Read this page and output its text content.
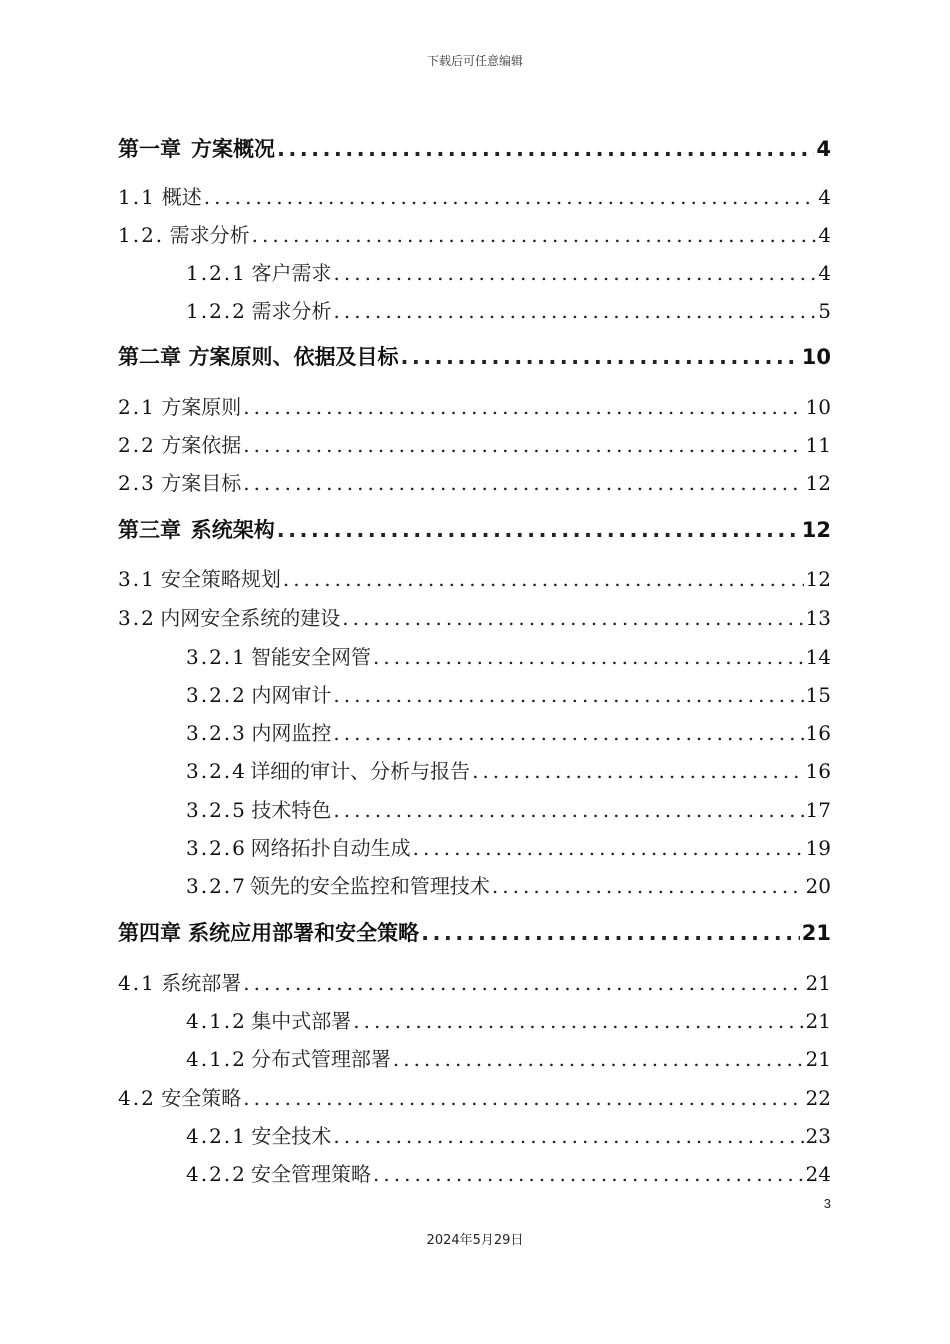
下载后可任意编辑
第一章 方案概况 .....	4
1.1 概述 .....	4
1.2. 需求分析 .....	4
1.2.1 客户需求 .....	4
1.2.2 需求分析 .....	5
第二章 方案原则、依据及目标 .....	10
2.1 方案原则 .....	10
2.2 方案依据 .....	11
2.3 方案目标 .....	12
第三章 系统架构 .....	12
3.1 安全策略规划 .....	12
3.2 内网安全系统的建设 .....	13
3.2.1 智能安全网管 .....	14
3.2.2 内网审计 .....	15
3.2.3 内网监控 .....	16
3.2.4 详细的审计、分析与报告 .....	16
3.2.5 技术特色 .....	17
3.2.6 网络拓扑自动生成 .....	19
3.2.7 领先的安全监控和管理技术 .....	20
第四章 系统应用部署和安全策略 .....	21
4.1 系统部署 .....	21
4.1.2 集中式部署 .....	21
4.1.2 分布式管理部署 .....	21
4.2 安全策略 .....	22
4.2.1 安全技术 .....	23
4.2.2 安全管理策略 .....	24
3
2024年5月29日
